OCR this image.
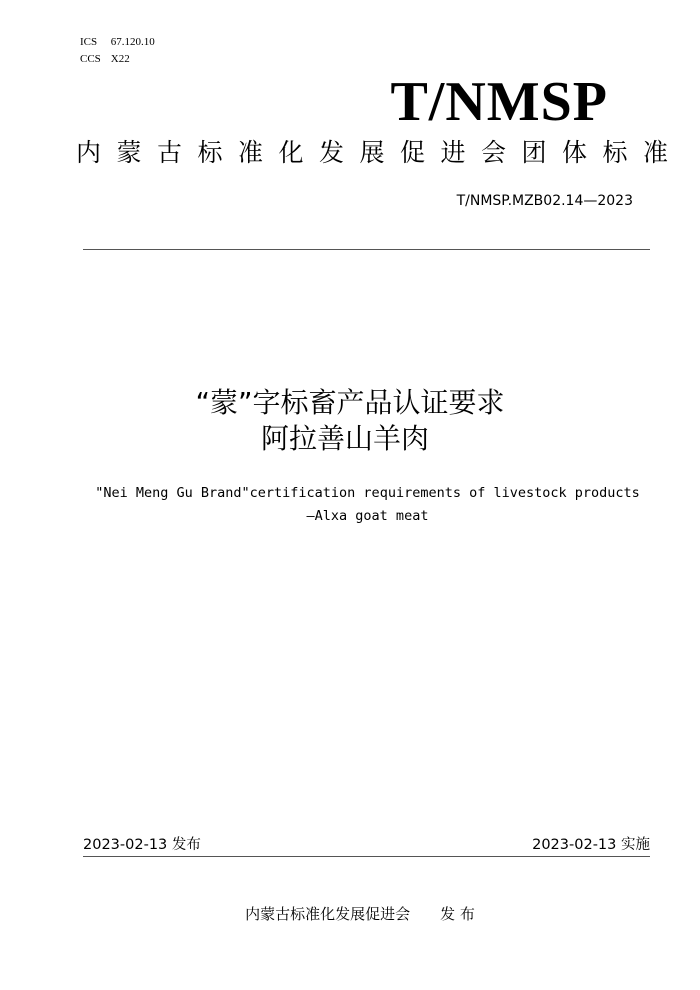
ICS 67.120.10
CCS X22
T/NMSP
内蒙古标准化发展促进会团体标准
T/NMSP.MZB02.14—2023
“蒙”字标畜产品认证要求
阿拉善山羊肉
"Nei Meng Gu Brand"certification requirements of livestock products
—Alxa goat meat
2023-02-13 发布	2023-02-13 实施
内蒙古标准化发展促进会 发 布
